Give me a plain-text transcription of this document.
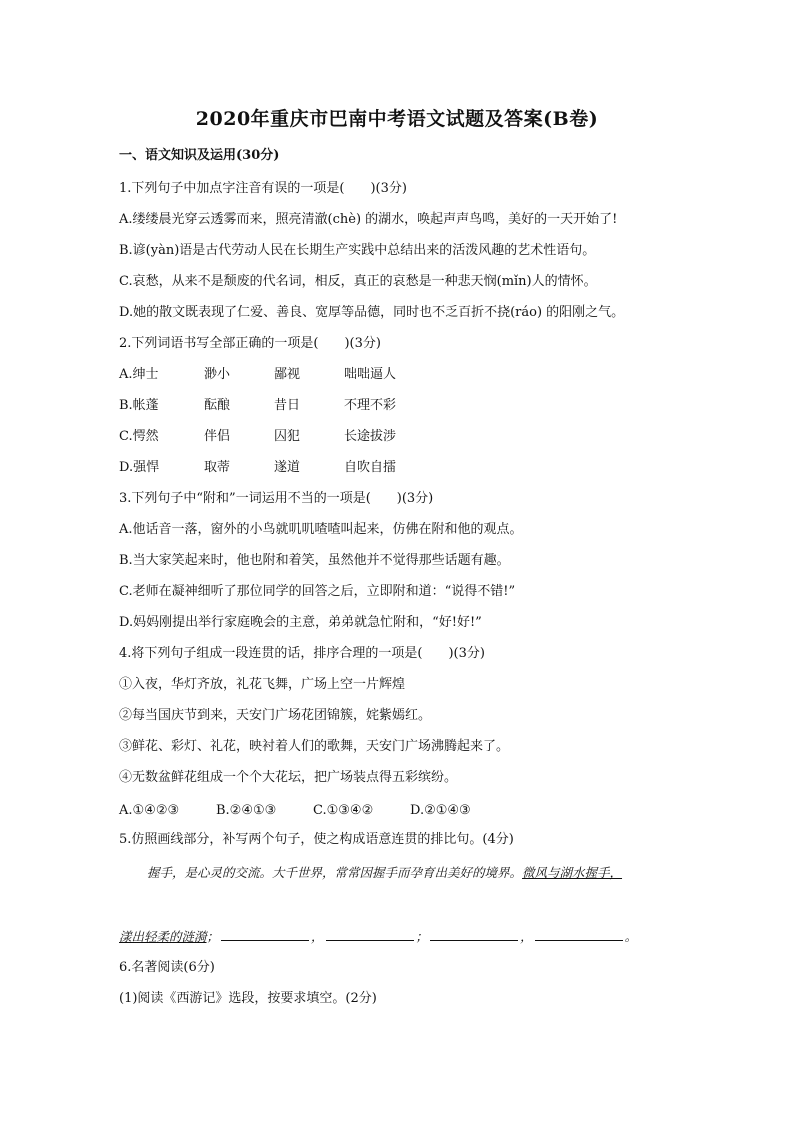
2020年重庆市巴南中考语文试题及答案(B卷)
一、语文知识及运用(30分)
1.下列句子中加点字注音有误的一项是(　　)(3分)
A.缕缕晨光穿云透雾而来，照亮清澈(chè) 的湖水，唤起声声鸟鸣，美好的一天开始了!
B.谚(yàn)语是古代劳动人民在长期生产实践中总结出来的活泼风趣的艺术性语句。
C.哀愁，从来不是颓废的代名词，相反，真正的哀愁是一种悲天悯(mǐn)人的情怀。
D.她的散文既表现了仁爱、善良、宽厚等品德，同时也不乏百折不挠(ráo) 的阳刚之气。
2.下列词语书写全部正确的一项是(　　)(3分)
A.绅士	渺小	鄙视	咄咄逼人
B.帐蓬	酝酿	昔日	不理不彩
C.愕然	伴侣	囚犯	长途拔涉
D.强悍	取蒂	遂道	自吹自擂
3.下列句子中“附和”一词运用不当的一项是(　　)(3分)
A.他话音一落，窗外的小鸟就叽叽喳喳叫起来，仿佛在附和他的观点。
B.当大家笑起来时，他也附和着笑，虽然他并不觉得那些话题有趣。
C.老师在凝神细听了那位同学的回答之后，立即附和道：“说得不错!”
D.妈妈刚提出举行家庭晚会的主意，弟弟就急忙附和，“好!好!”
4.将下列句子组成一段连贯的话，排序合理的一项是(　　)(3分)
①入夜，华灯齐放，礼花飞舞，广场上空一片辉煌
②每当国庆节到来，天安门广场花团锦簇，姹紫嫣红。
③鲜花、彩灯、礼花，映衬着人们的歌舞，天安门广场沸腾起来了。
④无数盆鲜花组成一个个大花坛，把广场装点得五彩缤纷。
A.①④②③	B.②④①③	C.①③④②	D.②①④③
5.仿照画线部分，补写两个句子，使之构成语意连贯的排比句。(4分)
握手，是心灵的交流。大千世界，常常因握手而孕育出美好的境界。微风与湖水握手，
漾出轻柔的涟漪；	，	；	，	。
6.名著阅读(6分)
(1)阅读《西游记》选段，按要求填空。(2分)
